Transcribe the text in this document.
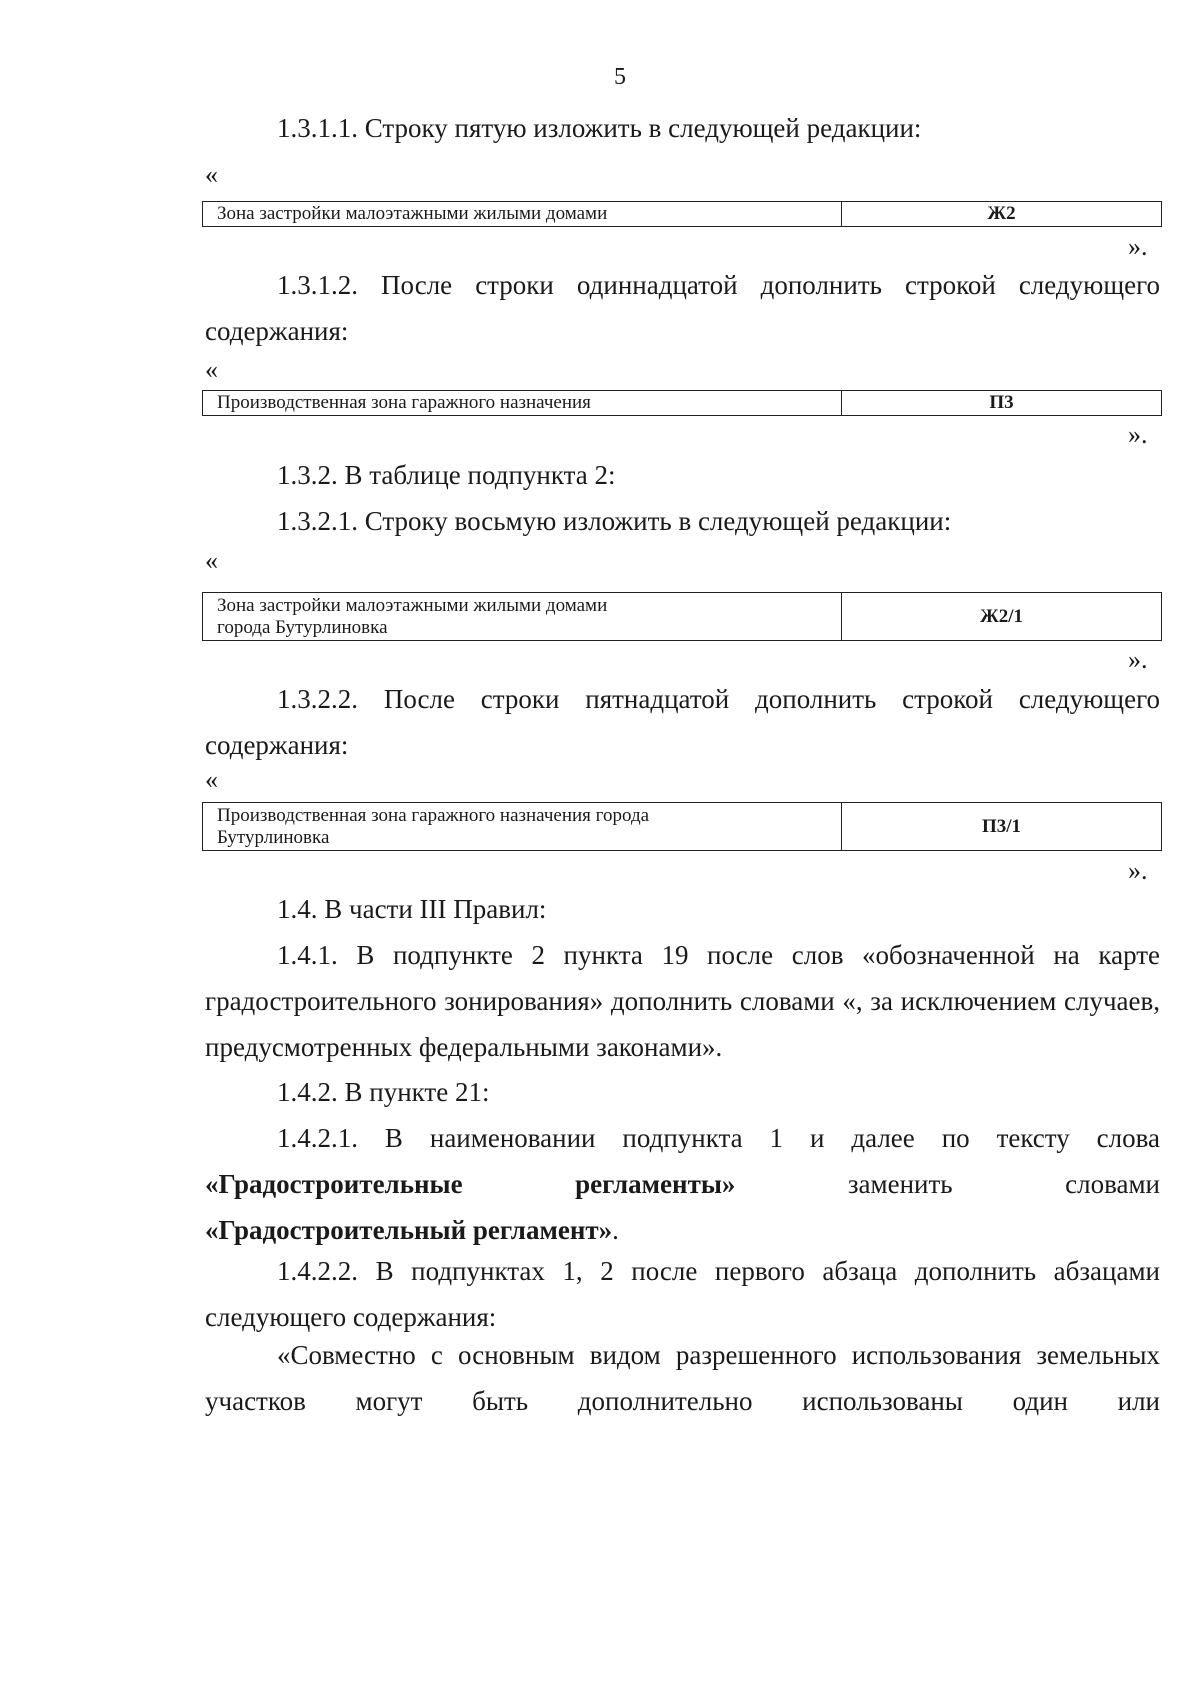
5

1.3.1.1. Строку пятую изложить в следующей редакции:

«
Зона застройки малоэтажными жилыми домами	Ж2
».

1.3.1.2. После строки одиннадцатой дополнить строкой следующего содержания:

«
Производственная зона гаражного назначения	П3
».

1.3.2. В таблице подпункта 2:

1.3.2.1. Строку восьмую изложить в следующей редакции:

«
Зона застройки малоэтажными жилыми домами
города Бутурлиновка
	Ж2/1
».

1.3.2.2. После строки пятнадцатой дополнить строкой следующего содержания:

«
Производственная зона гаражного назначения города
Бутурлиновка
	П3/1
».

1.4. В части III Правил:

1.4.1. В подпункте 2 пункта 19 после слов «обозначенной на карте градостроительного зонирования» дополнить словами «, за исключением случаев, предусмотренных федеральными законами».

1.4.2. В пункте 21:

1.4.2.1. В наименовании подпункта 1 и далее по тексту слова
«Градостроительные	регламенты»	заменить	словами
«Градостроительный регламент».

1.4.2.2. В подпунктах 1, 2 после первого абзаца дополнить абзацами следующего содержания:

«Совместно с основным видом разрешенного использования земельных участков могут быть дополнительно использованы один или
